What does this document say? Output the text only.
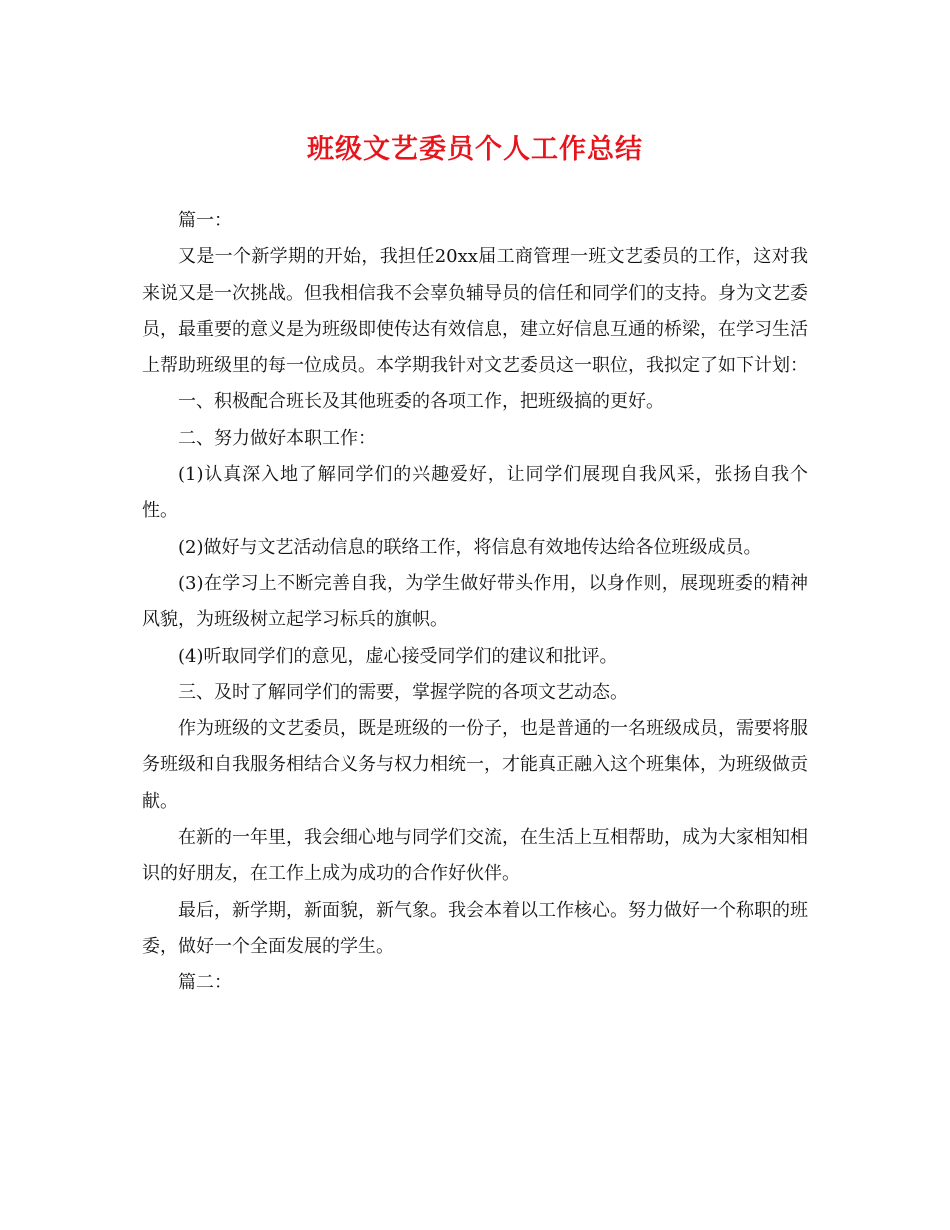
班级文艺委员个人工作总结

篇一：

又是一个新学期的开始，我担任20xx届工商管理一班文艺委员的工作，这对我来说又是一次挑战。但我相信我不会辜负辅导员的信任和同学们的支持。身为文艺委员，最重要的意义是为班级即使传达有效信息，建立好信息互通的桥梁，在学习生活上帮助班级里的每一位成员。本学期我针对文艺委员这一职位，我拟定了如下计划：

一、积极配合班长及其他班委的各项工作，把班级搞的更好。

二、努力做好本职工作：

(1)认真深入地了解同学们的兴趣爱好，让同学们展现自我风采，张扬自我个性。

(2)做好与文艺活动信息的联络工作，将信息有效地传达给各位班级成员。

(3)在学习上不断完善自我，为学生做好带头作用，以身作则，展现班委的精神风貌，为班级树立起学习标兵的旗帜。

(4)听取同学们的意见，虚心接受同学们的建议和批评。

三、及时了解同学们的需要，掌握学院的各项文艺动态。

作为班级的文艺委员，既是班级的一份子，也是普通的一名班级成员，需要将服务班级和自我服务相结合义务与权力相统一，才能真正融入这个班集体，为班级做贡献。

在新的一年里，我会细心地与同学们交流，在生活上互相帮助，成为大家相知相识的好朋友，在工作上成为成功的合作好伙伴。

最后，新学期，新面貌，新气象。我会本着以工作核心。努力做好一个称职的班委，做好一个全面发展的学生。

篇二：
